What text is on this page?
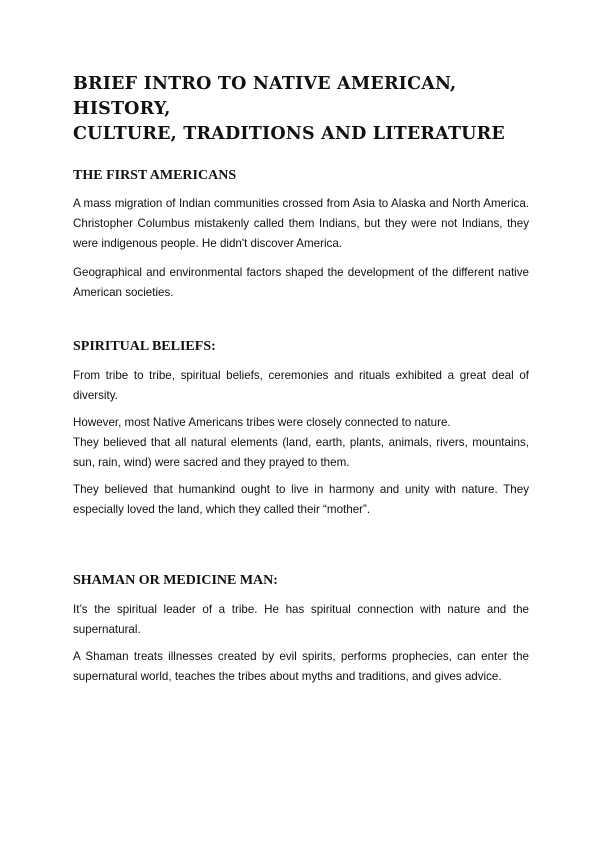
BRIEF INTRO TO NATIVE AMERICAN, HISTORY,
CULTURE, TRADITIONS AND LITERATURE
THE FIRST AMERICANS

A mass migration of Indian communities crossed from Asia to Alaska and North America. Christopher Columbus mistakenly called them Indians, but they were not Indians, they were indigenous people. He didn't discover America.

Geographical and environmental factors shaped the development of the different native American societies.

SPIRITUAL BELIEFS:

From tribe to tribe, spiritual beliefs, ceremonies and rituals exhibited a great deal of diversity.

However, most Native Americans tribes were closely connected to nature.

They believed that all natural elements (land, earth, plants, animals, rivers, mountains, sun, rain, wind) were sacred and they prayed to them.

They believed that humankind ought to live in harmony and unity with nature. They especially loved the land, which they called their “mother”.

SHAMAN OR MEDICINE MAN:

It’s the spiritual leader of a tribe. He has spiritual connection with nature and the supernatural.

A Shaman treats illnesses created by evil spirits, performs prophecies, can enter the supernatural world, teaches the tribes about myths and traditions, and gives advice.
